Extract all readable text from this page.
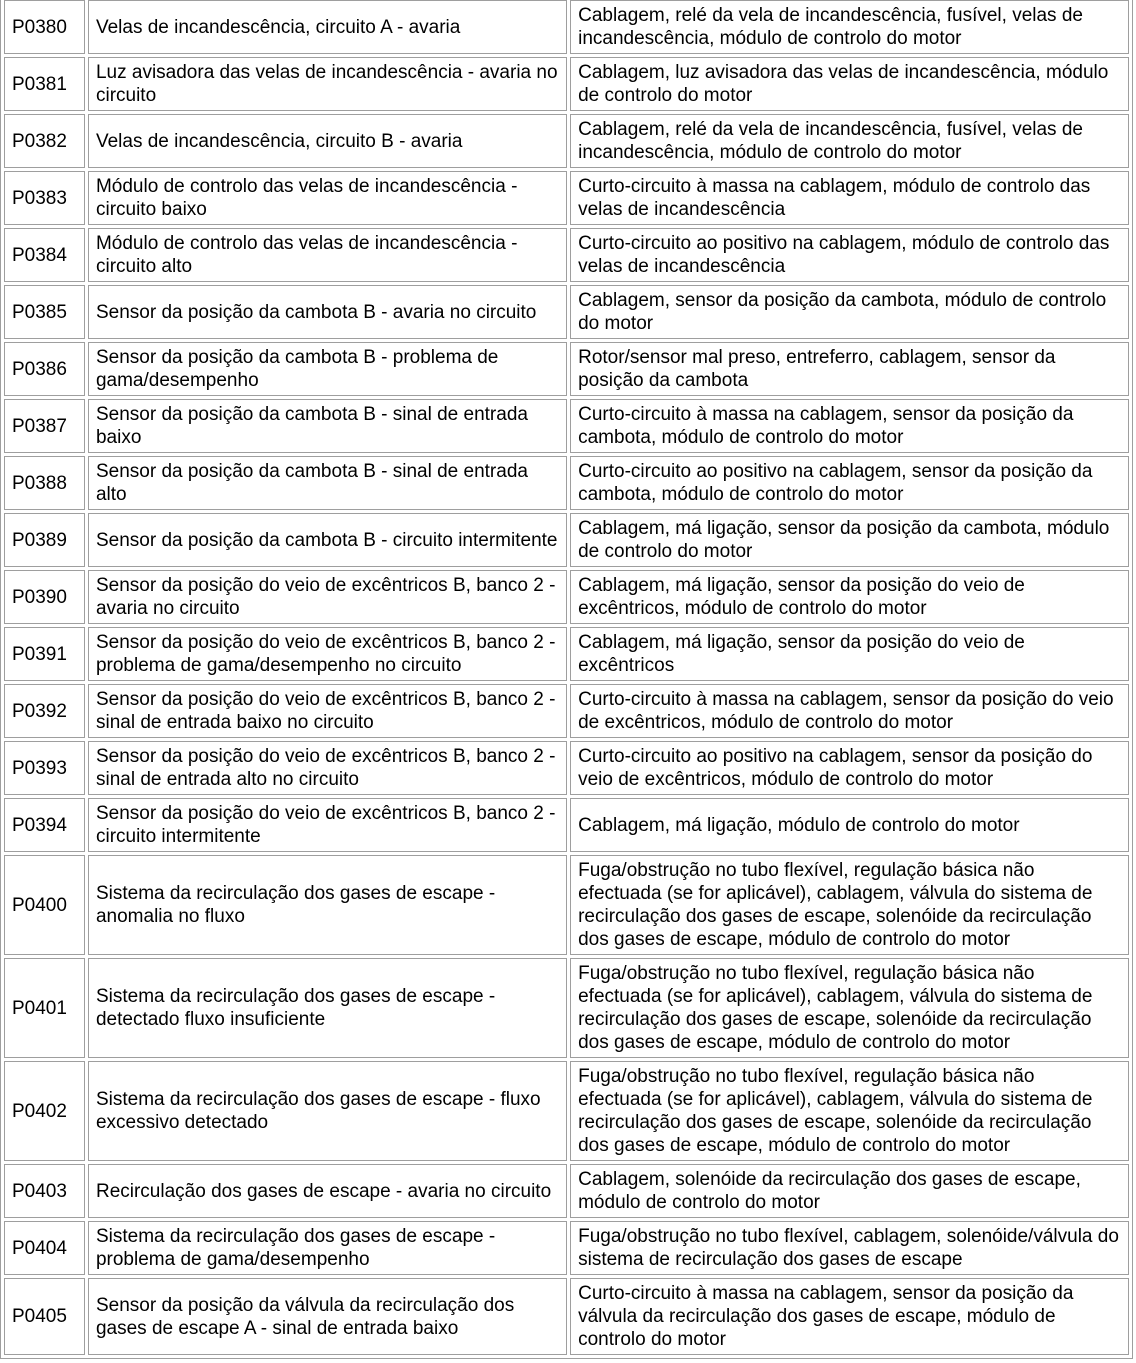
P0380	Velas de incandescência, circuito A - avaria	Cablagem, relé da vela de incandescência, fusível, velas de incandescência, módulo de controlo do motor
P0381	Luz avisadora das velas de incandescência - avaria no circuito	Cablagem, luz avisadora das velas de incandescência, módulo de controlo do motor
P0382	Velas de incandescência, circuito B - avaria	Cablagem, relé da vela de incandescência, fusível, velas de incandescência, módulo de controlo do motor
P0383	Módulo de controlo das velas de incandescência - circuito baixo	Curto-circuito à massa na cablagem, módulo de controlo das velas de incandescência
P0384	Módulo de controlo das velas de incandescência - circuito alto	Curto-circuito ao positivo na cablagem, módulo de controlo das velas de incandescência
P0385	Sensor da posição da cambota B - avaria no circuito	Cablagem, sensor da posição da cambota, módulo de controlo do motor
P0386	Sensor da posição da cambota B - problema de gama/desempenho	Rotor/sensor mal preso, entreferro, cablagem, sensor da posição da cambota
P0387	Sensor da posição da cambota B - sinal de entrada baixo	Curto-circuito à massa na cablagem, sensor da posição da cambota, módulo de controlo do motor
P0388	Sensor da posição da cambota B - sinal de entrada alto	Curto-circuito ao positivo na cablagem, sensor da posição da cambota, módulo de controlo do motor
P0389	Sensor da posição da cambota B - circuito intermitente	Cablagem, má ligação, sensor da posição da cambota, módulo de controlo do motor
P0390	Sensor da posição do veio de excêntricos B, banco 2 - avaria no circuito	Cablagem, má ligação, sensor da posição do veio de excêntricos, módulo de controlo do motor
P0391	Sensor da posição do veio de excêntricos B, banco 2 - problema de gama/desempenho no circuito	Cablagem, má ligação, sensor da posição do veio de excêntricos
P0392	Sensor da posição do veio de excêntricos B, banco 2 - sinal de entrada baixo no circuito	Curto-circuito à massa na cablagem, sensor da posição do veio de excêntricos, módulo de controlo do motor
P0393	Sensor da posição do veio de excêntricos B, banco 2 - sinal de entrada alto no circuito	Curto-circuito ao positivo na cablagem, sensor da posição do veio de excêntricos, módulo de controlo do motor
P0394	Sensor da posição do veio de excêntricos B, banco 2 - circuito intermitente	Cablagem, má ligação, módulo de controlo do motor
P0400	Sistema da recirculação dos gases de escape - anomalia no fluxo	Fuga/obstrução no tubo flexível, regulação básica não efectuada (se for aplicável), cablagem, válvula do sistema de recirculação dos gases de escape, solenóide da recirculação dos gases de escape, módulo de controlo do motor
P0401	Sistema da recirculação dos gases de escape - detectado fluxo insuficiente	Fuga/obstrução no tubo flexível, regulação básica não efectuada (se for aplicável), cablagem, válvula do sistema de recirculação dos gases de escape, solenóide da recirculação dos gases de escape, módulo de controlo do motor
P0402	Sistema da recirculação dos gases de escape - fluxo excessivo detectado	Fuga/obstrução no tubo flexível, regulação básica não efectuada (se for aplicável), cablagem, válvula do sistema de recirculação dos gases de escape, solenóide da recirculação dos gases de escape, módulo de controlo do motor
P0403	Recirculação dos gases de escape - avaria no circuito	Cablagem, solenóide da recirculação dos gases de escape, módulo de controlo do motor
P0404	Sistema da recirculação dos gases de escape - problema de gama/desempenho	Fuga/obstrução no tubo flexível, cablagem, solenóide/válvula do sistema de recirculação dos gases de escape
P0405	Sensor da posição da válvula da recirculação dos gases de escape A - sinal de entrada baixo	Curto-circuito à massa na cablagem, sensor da posição da válvula da recirculação dos gases de escape, módulo de controlo do motor
